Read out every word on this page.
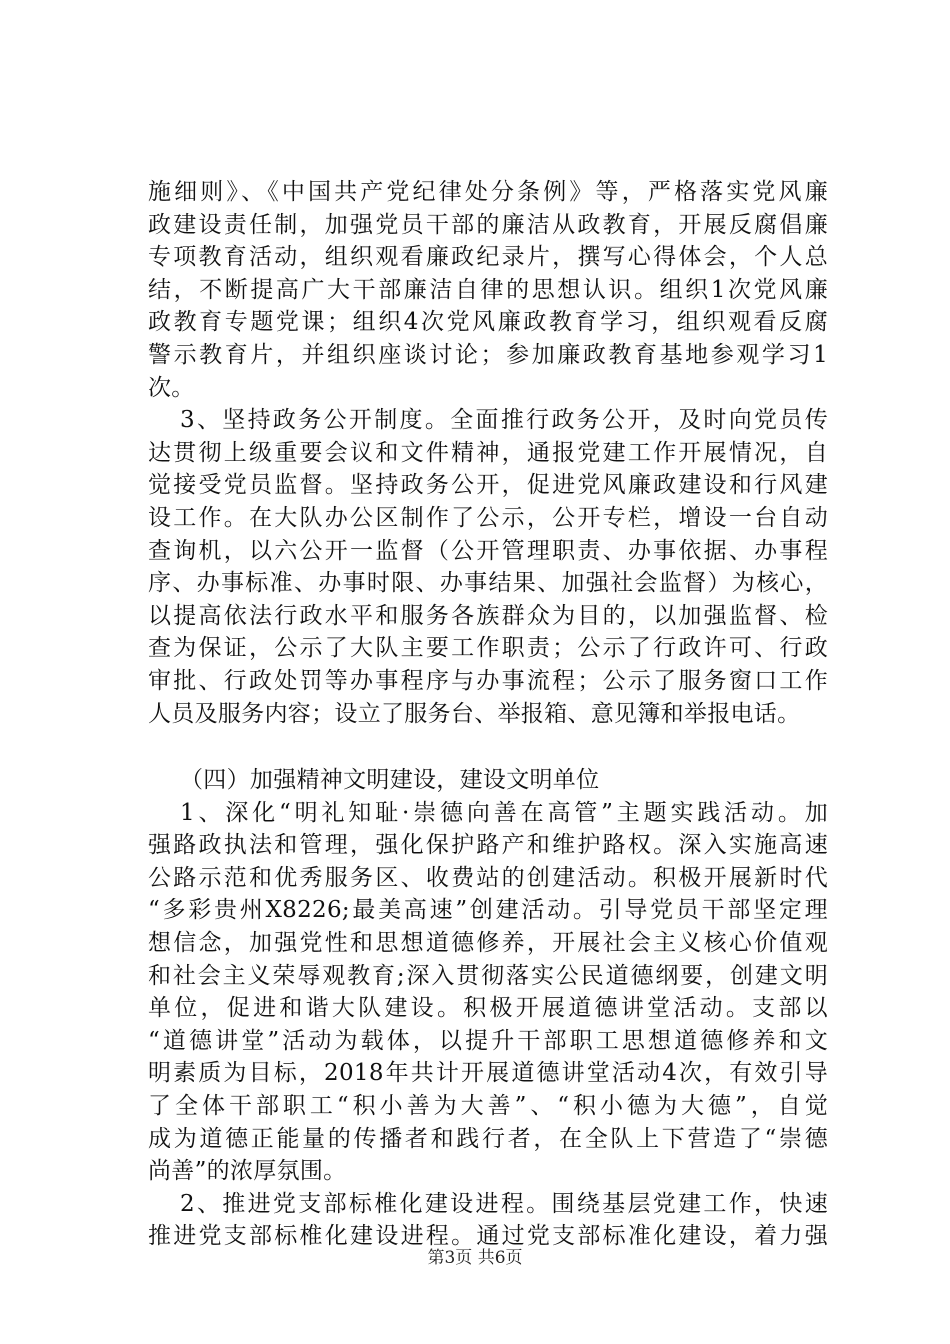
施细则》、《中国共产党纪律处分条例》等，严格落实党风廉
政建设责任制，加强党员干部的廉洁从政教育，开展反腐倡廉
专项教育活动，组织观看廉政纪录片，撰写心得体会，个人总
结，不断提高广大干部廉洁自律的思想认识。组织1次党风廉
政教育专题党课；组织4次党风廉政教育学习，组织观看反腐
警示教育片，并组织座谈讨论；参加廉政教育基地参观学习1
次。
3、坚持政务公开制度。全面推行政务公开，及时向党员传
达贯彻上级重要会议和文件精神，通报党建工作开展情况，自
觉接受党员监督。坚持政务公开，促进党风廉政建设和行风建
设工作。在大队办公区制作了公示，公开专栏，增设一台自动
查询机，以六公开一监督（公开管理职责、办事依据、办事程
序、办事标准、办事时限、办事结果、加强社会监督）为核心，
以提高依法行政水平和服务各族群众为目的，以加强监督、检
查为保证，公示了大队主要工作职责；公示了行政许可、行政
审批、行政处罚等办事程序与办事流程；公示了服务窗口工作
人员及服务内容；设立了服务台、举报箱、意见簿和举报电话。
（四）加强精神文明建设，建设文明单位
1、深化“明礼知耻·崇德向善在高管”主题实践活动。加
强路政执法和管理，强化保护路产和维护路权。深入实施高速
公路示范和优秀服务区、收费站的创建活动。积极开展新时代
“多彩贵州X8226;最美高速”创建活动。引导党员干部坚定理
想信念，加强党性和思想道德修养，开展社会主义核心价值观
和社会主义荣辱观教育;深入贯彻落实公民道德纲要，创建文明
单位，促进和谐大队建设。积极开展道德讲堂活动。支部以
“道德讲堂”活动为载体，以提升干部职工思想道德修养和文
明素质为目标，2018年共计开展道德讲堂活动4次，有效引导
了全体干部职工“积小善为大善”、“积小德为大德”，自觉
成为道德正能量的传播者和践行者，在全队上下营造了“崇德
尚善”的浓厚氛围。
2、推进党支部标椎化建设进程。围绕基层党建工作，快速
推进党支部标椎化建设进程。通过党支部标准化建设，着力强
第3页 共6页
